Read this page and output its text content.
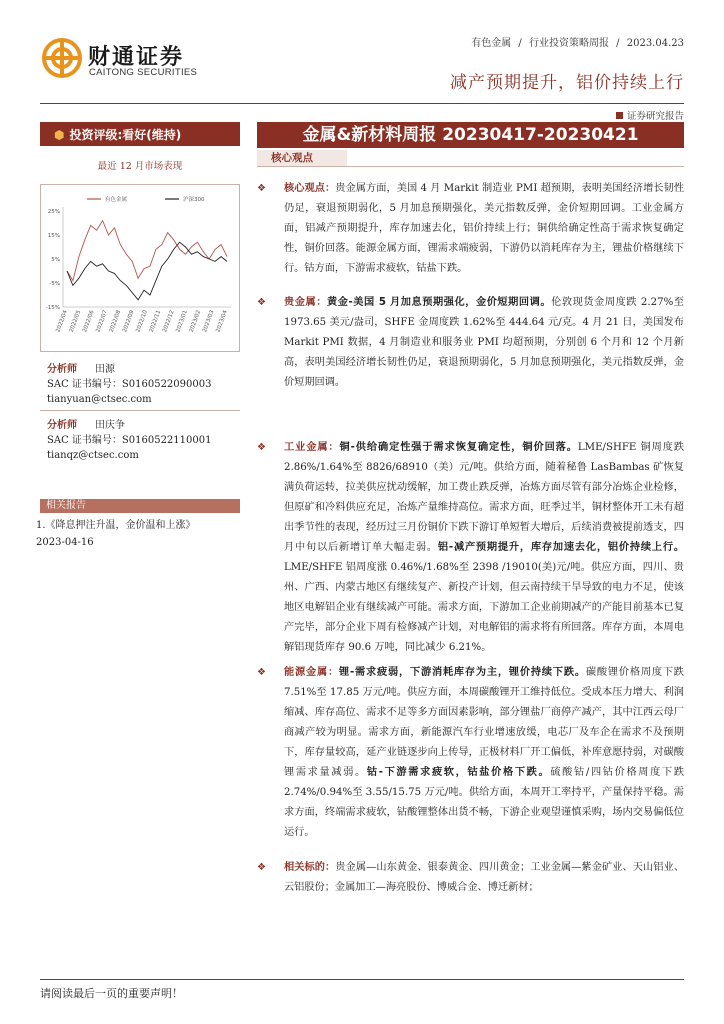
财通证券
CAITONG SECURITIES
有色金属 / 行业投资策略周报 / 2023.04.23
减产预期提升，铝价持续上行
证券研究报告
⬢ 投资评级:看好(维持)
最近 12 月市场表现
有色金属	沪深300
25%
15%
5%
-5%
-15%
2022/04 2022/05 2022/06 2022/07 2022/08 2022/09 2022/10 2022/11 2022/12 2023/01 2023/02 2023/03 2023/04
分析师 田源
SAC 证书编号：S0160522090003
tianyuan@ctsec.com
分析师 田庆争
SAC 证书编号：S0160522110001
tianqz@ctsec.com
相关报告
1.《降息押注升温，金价温和上涨》
2023-04-16
金属&新材料周报 20230417-20230421
核心观点
❖ 核心观点：贵金属方面，美国 4 月 Markit 制造业 PMI 超预期，表明美国经济增长韧性仍足，衰退预期弱化，5 月加息预期强化，美元指数反弹，金价短期回调。工业金属方面，铝减产预期提升，库存加速去化，铝价持续上行；铜供给确定性高于需求恢复确定性，铜价回落。能源金属方面，锂需求端疲弱，下游仍以消耗库存为主，锂盐价格继续下行。钴方面，下游需求疲软，钴盐下跌。
❖ 贵金属：黄金-美国 5 月加息预期强化，金价短期回调。伦敦现货金周度跌 2.27%至 1973.65 美元/盎司，SHFE 金周度跌 1.62%至 444.64 元/克。4 月 21 日，美国发布 Markit PMI 数据，4 月制造业和服务业 PMI 均超预期，分别创 6 个月和 12 个月新高，表明美国经济增长韧性仍足，衰退预期弱化，5 月加息预期强化，美元指数反弹，金价短期回调。
❖ 工业金属：铜-供给确定性强于需求恢复确定性，铜价回落。LME/SHFE 铜周度跌 2.86%/1.64%至 8826/68910（美）元/吨。供给方面，随着秘鲁 LasBambas 矿恢复满负荷运转，拉美供应扰动缓解，加工费止跌反弹，冶炼方面尽管有部分冶炼企业检修，但原矿和冷料供应充足，冶炼产量维持高位。需求方面，旺季过半，铜材整体开工未有超出季节性的表现，经历过三月份铜价下跌下游订单短暂大增后，后续消费被提前透支，四月中旬以后新增订单大幅走弱。铝-减产预期提升，库存加速去化，铝价持续上行。LME/SHFE 铝周度涨 0.46%/1.68%至 2398 /19010(美)元/吨。供应方面，四川、贵州、广西、内蒙古地区有继续复产、新投产计划，但云南持续干旱导致的电力不足，使该地区电解铝企业有继续减产可能。需求方面，下游加工企业前期减产的产能目前基本已复产完毕，部分企业下周有检修减产计划，对电解铝的需求将有所回落。库存方面，本周电解铝现货库存 90.6 万吨，同比减少 6.21%。
❖ 能源金属：锂-需求疲弱，下游消耗库存为主，锂价持续下跌。碳酸锂价格周度下跌 7.51%至 17.85 万元/吨。供应方面，本周碳酸锂开工维持低位。受成本压力增大、利润缩减、库存高位、需求不足等多方面因素影响，部分锂盐厂商停产减产，其中江西云母厂商减产较为明显。需求方面，新能源汽车行业增速放缓，电芯厂及车企在需求不及预期下，库存量较高，延产业链逐步向上传导，正极材料厂开工偏低，补库意愿持弱，对碳酸锂需求量减弱。钴-下游需求疲软，钴盐价格下跌。硫酸钴/四钴价格周度下跌 2.74%/0.94%至 3.55/15.75 万元/吨。供给方面，本周开工率持平，产量保持平稳。需求方面，终端需求疲软，钴酸锂整体出货不畅，下游企业观望谨慎采购，场内交易偏低位运行。
❖ 相关标的：贵金属—山东黄金、银泰黄金、四川黄金；工业金属—紫金矿业、天山铝业、云铝股份；金属加工—海亮股份、博威合金、博迁新材；
请阅读最后一页的重要声明！
